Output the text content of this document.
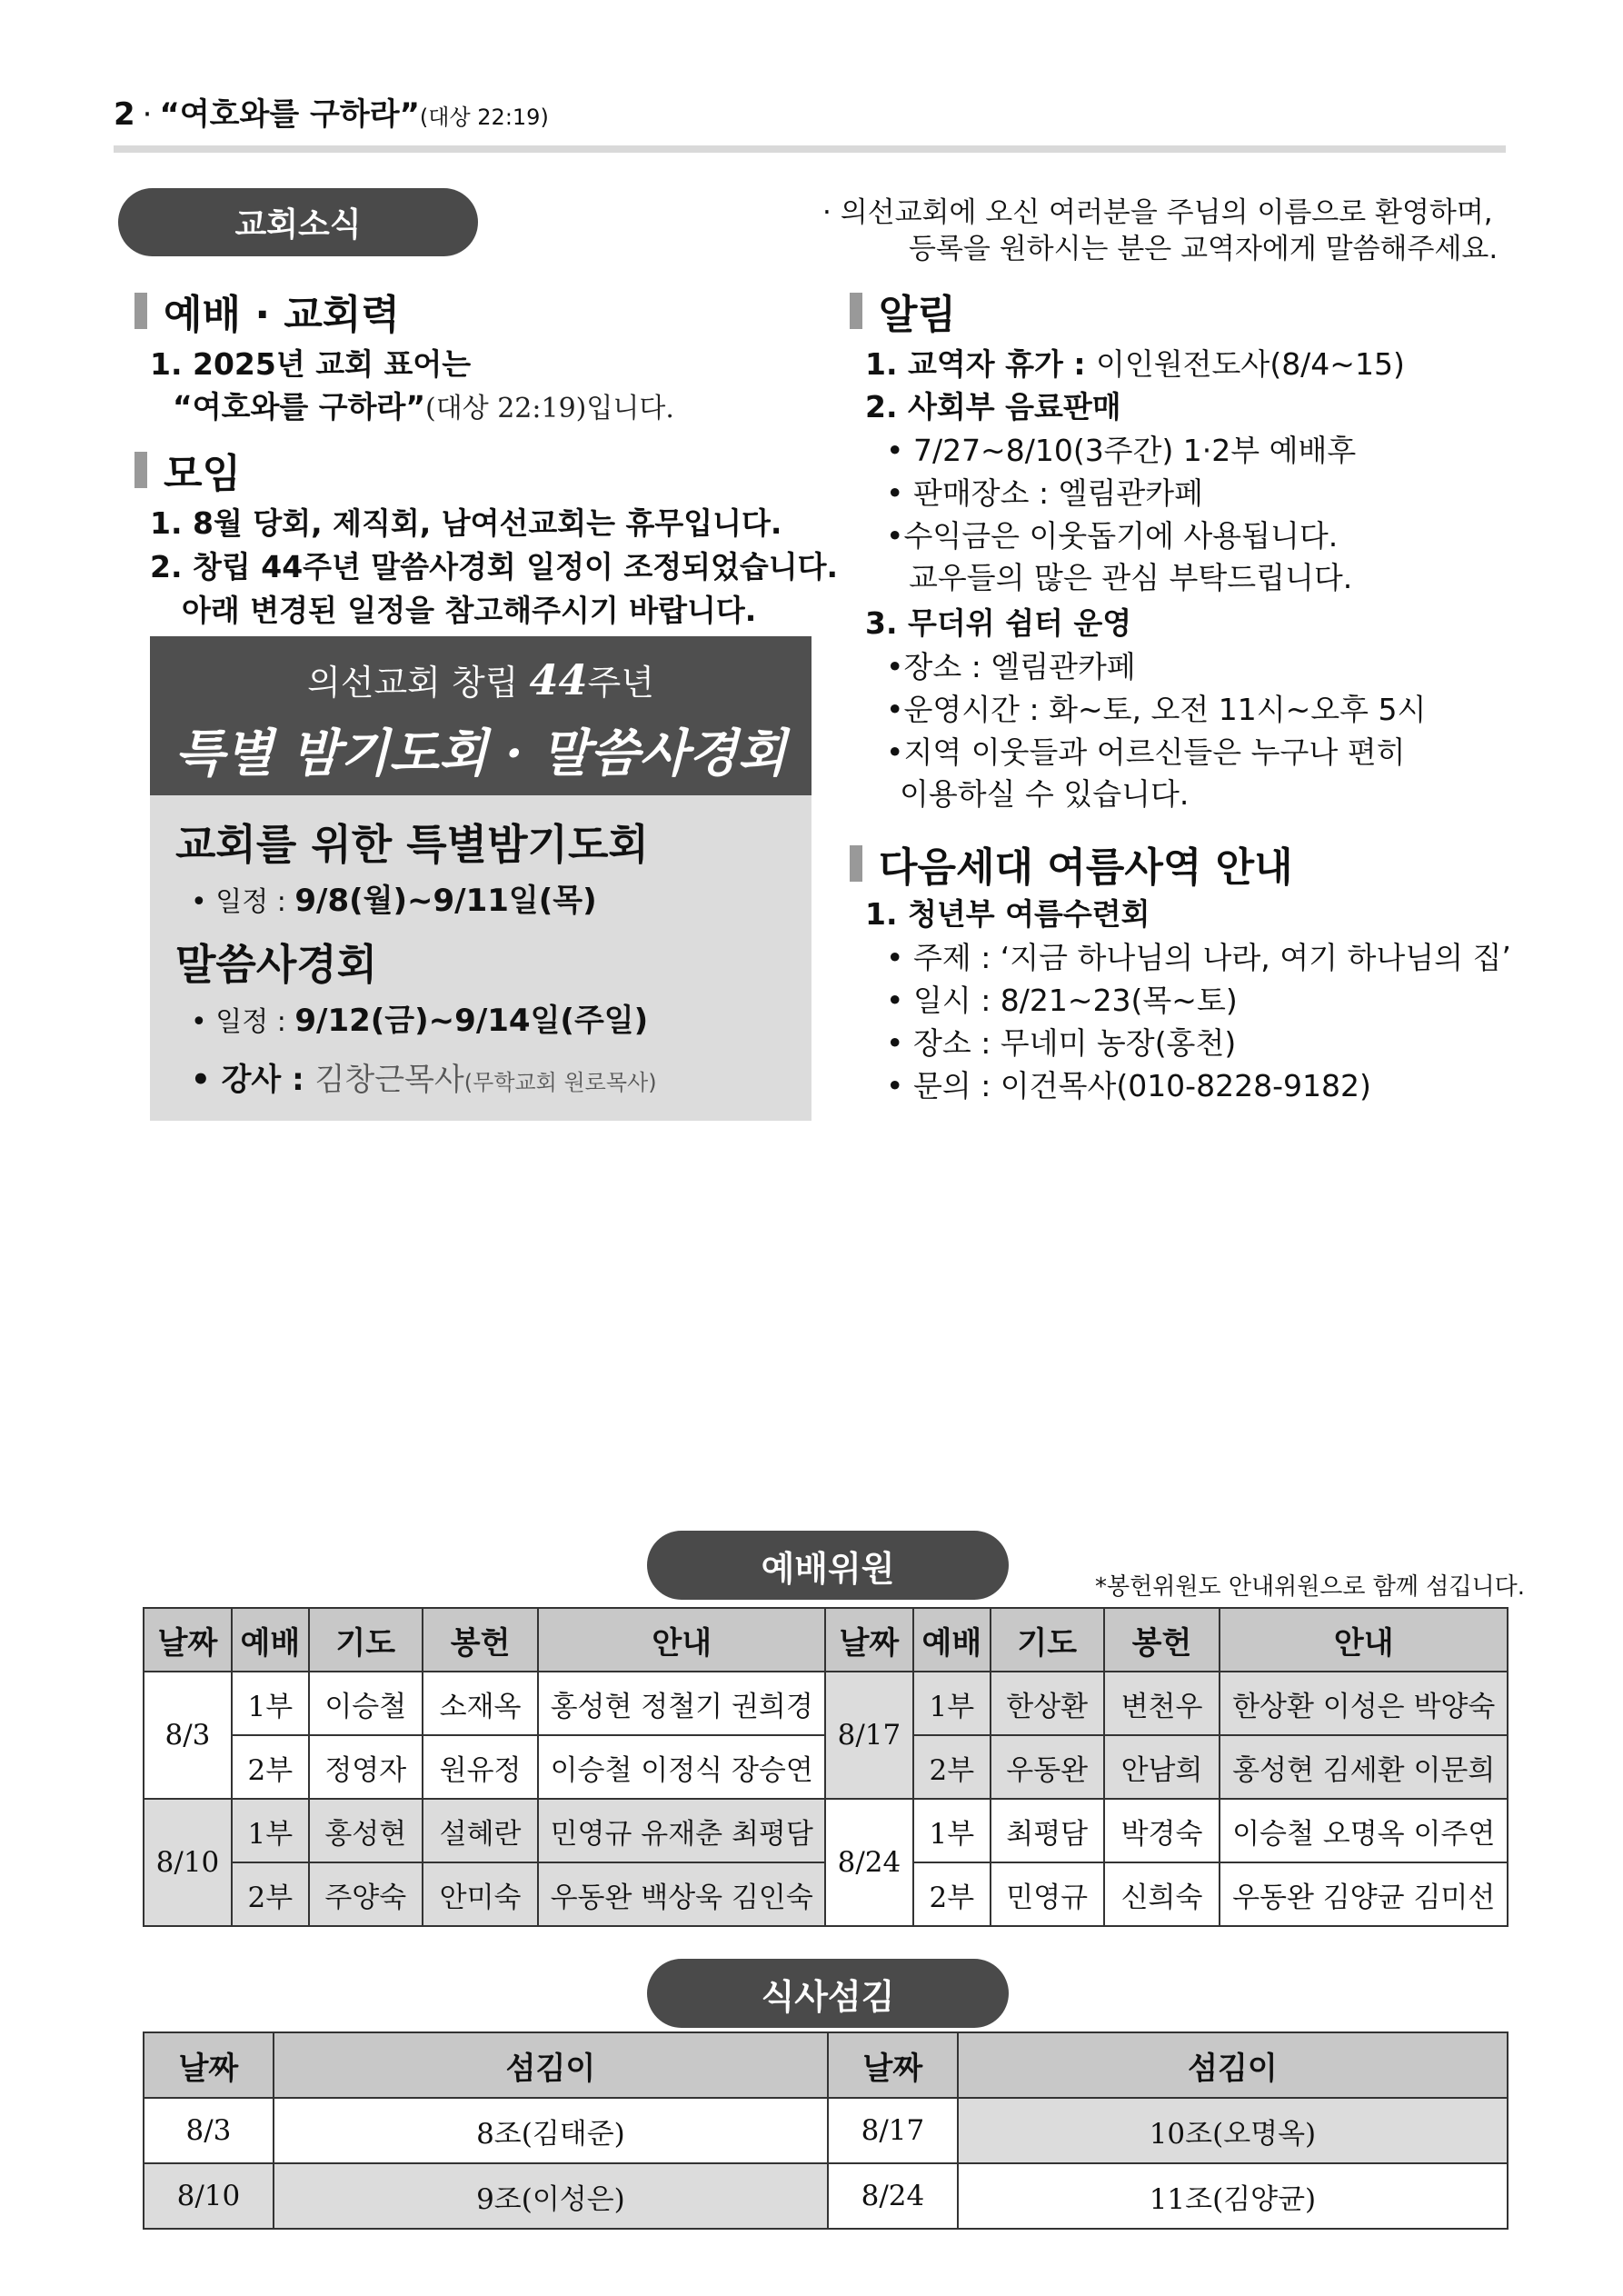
2 · “여호와를 구하라”(대상 22:19)
교회소식
예배 · 교회력
1. 2025년 교회 표어는
“여호와를 구하라”(대상 22:19)입니다.
모임
1. 8월 당회, 제직회, 남여선교회는 휴무입니다.
2. 창립 44주년 말씀사경회 일정이 조정되었습니다.
아래 변경된 일정을 참고해주시기 바랍니다.
의선교회 창립 44주년
특별 밤기도회 · 말씀사경회
교회를 위한 특별밤기도회
• 일정 : 9/8(월)~9/11일(목)
말씀사경회
• 일정 : 9/12(금)~9/14일(주일)
• 강사 : 김창근목사(무학교회 원로목사)
· 의선교회에 오신 여러분을 주님의 이름으로 환영하며,
등록을 원하시는 분은 교역자에게 말씀해주세요.
알림
1. 교역자 휴가 : 이인원전도사(8/4~15)
2. 사회부 음료판매
• 7/27~8/10(3주간) 1·2부 예배후
• 판매장소 : 엘림관카페
•수익금은 이웃돕기에 사용됩니다.
교우들의 많은 관심 부탁드립니다.
3. 무더위 쉼터 운영
•장소 : 엘림관카페
•운영시간 : 화~토, 오전 11시~오후 5시
•지역 이웃들과 어르신들은 누구나 편히
이용하실 수 있습니다.
다음세대 여름사역 안내
1. 청년부 여름수련회
• 주제 : ‘지금 하나님의 나라, 여기 하나님의 집’
• 일시 : 8/21~23(목~토)
• 장소 : 무네미 농장(홍천)
• 문의 : 이건목사(010-8228-9182)
예배위원	*봉헌위원도 안내위원으로 함께 섬깁니다.
날짜	예배	기도	봉헌	안내	날짜	예배	기도	봉헌	안내
8/3	1부	이승철	소재옥	홍성현 정철기 권희경	8/17	1부	한상환	변천우	한상환 이성은 박양숙
	2부	정영자	원유정	이승철 이정식 장승연		2부	우동완	안남희	홍성현 김세환 이문희
8/10	1부	홍성현	설혜란	민영규 유재춘 최평담	8/24	1부	최평담	박경숙	이승철 오명옥 이주연
	2부	주양숙	안미숙	우동완 백상욱 김인숙		2부	민영규	신희숙	우동완 김양균 김미선
식사섬김
날짜	섬김이	날짜	섬김이
8/3	8조(김태준)	8/17	10조(오명옥)
8/10	9조(이성은)	8/24	11조(김양균)
